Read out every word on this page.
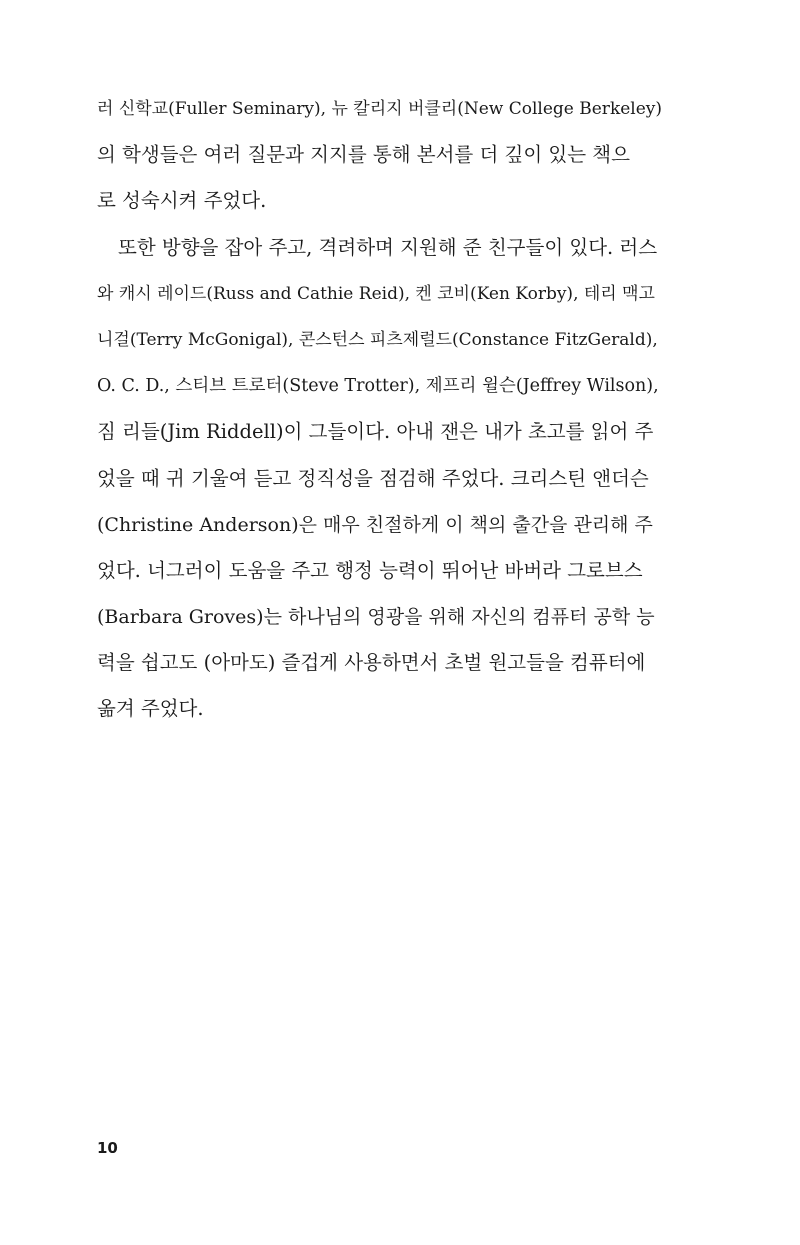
러 신학교(Fuller Seminary), 뉴 칼리지 버클리(New College Berkeley)
의 학생들은 여러 질문과 지지를 통해 본서를 더 깊이 있는 책으
로 성숙시켜 주었다.
또한 방향을 잡아 주고, 격려하며 지원해 준 친구들이 있다. 러스
와 캐시 레이드(Russ and Cathie Reid), 켄 코비(Ken Korby), 테리 맥고
니걸(Terry McGonigal), 콘스턴스 피츠제럴드(Constance FitzGerald),
O. C. D., 스티브 트로터(Steve Trotter), 제프리 윌슨(Jeffrey Wilson),
짐 리들(Jim Riddell)이 그들이다. 아내 잰은 내가 초고를 읽어 주
었을 때 귀 기울여 듣고 정직성을 점검해 주었다. 크리스틴 앤더슨
(Christine Anderson)은 매우 친절하게 이 책의 출간을 관리해 주
었다. 너그러이 도움을 주고 행정 능력이 뛰어난 바버라 그로브스
(Barbara Groves)는 하나님의 영광을 위해 자신의 컴퓨터 공학 능
력을 쉽고도 (아마도) 즐겁게 사용하면서 초벌 원고들을 컴퓨터에
옮겨 주었다.
10
